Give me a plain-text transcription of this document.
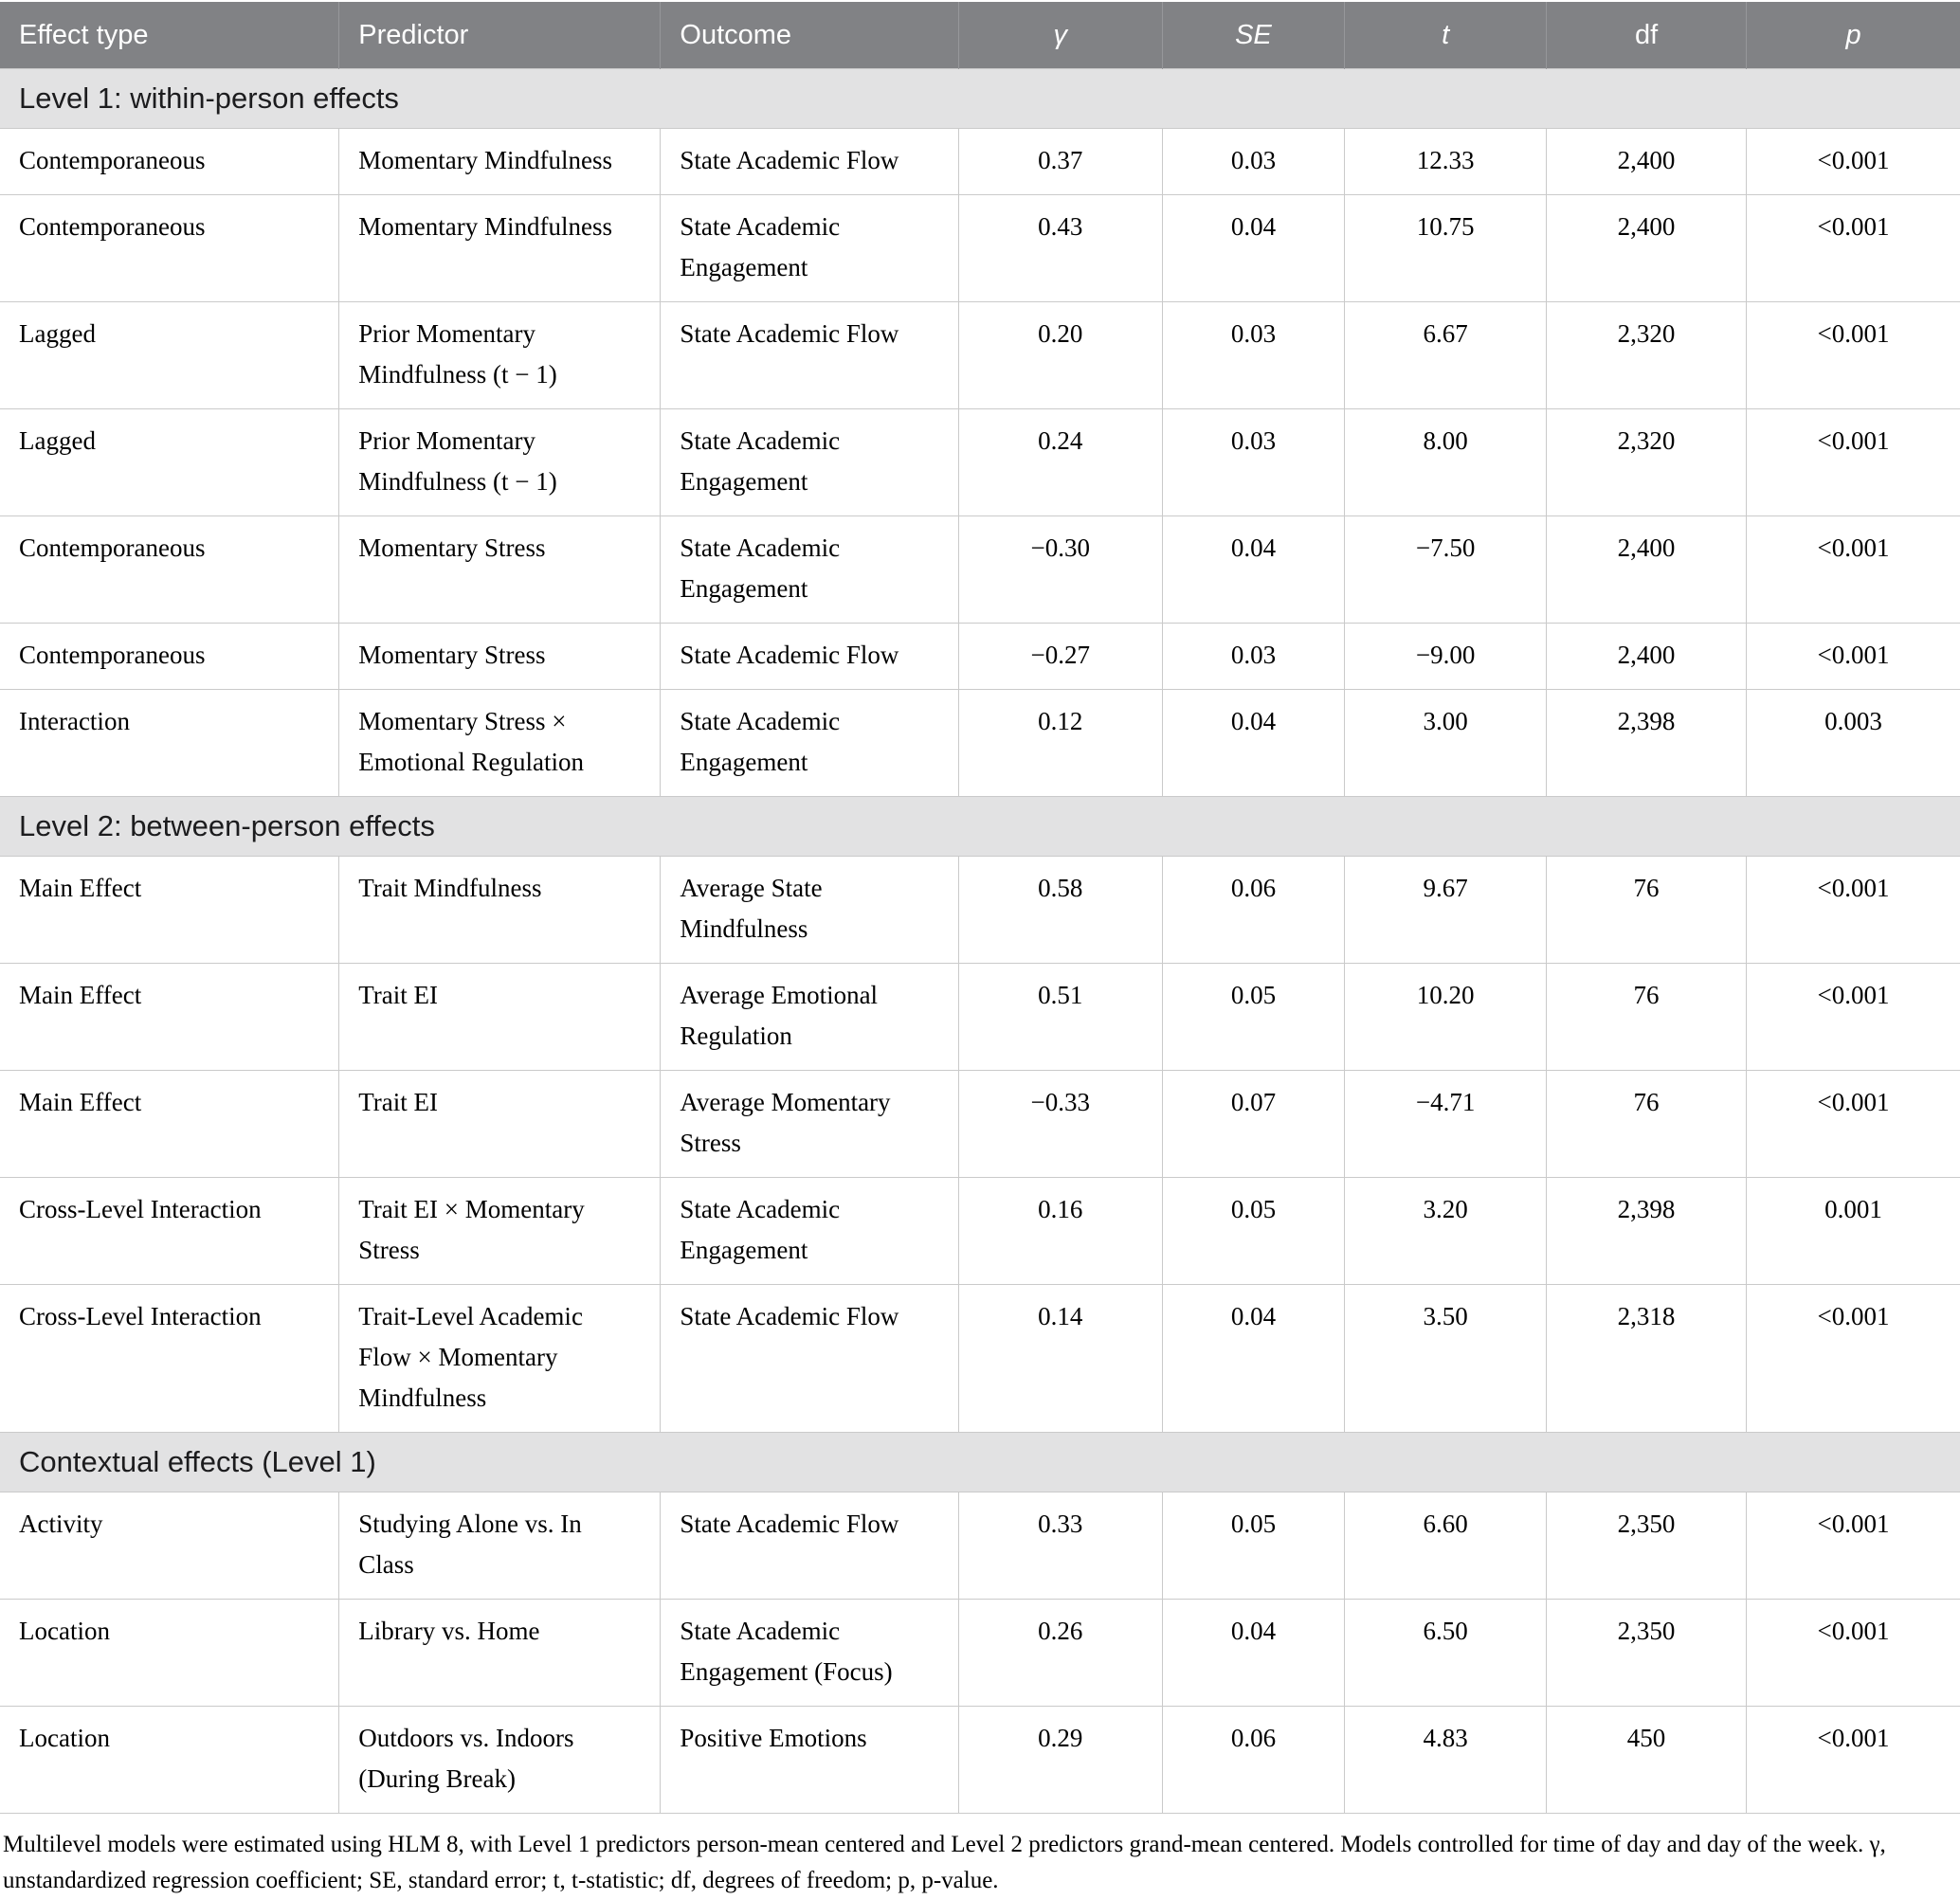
Effect type	Predictor	Outcome	γ	SE	t	df	p
Level 1: within-person effects							
Contemporaneous	Momentary Mindfulness	State Academic Flow	0.37	0.03	12.33	2,400	<0.001
Contemporaneous	Momentary Mindfulness	State Academic Engagement	0.43	0.04	10.75	2,400	<0.001
Lagged	Prior Momentary Mindfulness (t − 1)	State Academic Flow	0.20	0.03	6.67	2,320	<0.001
Lagged	Prior Momentary Mindfulness (t − 1)	State Academic Engagement	0.24	0.03	8.00	2,320	<0.001
Contemporaneous	Momentary Stress	State Academic Engagement	−0.30	0.04	−7.50	2,400	<0.001
Contemporaneous	Momentary Stress	State Academic Flow	−0.27	0.03	−9.00	2,400	<0.001
Interaction	Momentary Stress × Emotional Regulation	State Academic Engagement	0.12	0.04	3.00	2,398	0.003
Level 2: between-person effects							
Main Effect	Trait Mindfulness	Average State Mindfulness	0.58	0.06	9.67	76	<0.001
Main Effect	Trait EI	Average Emotional Regulation	0.51	0.05	10.20	76	<0.001
Main Effect	Trait EI	Average Momentary Stress	−0.33	0.07	−4.71	76	<0.001
Cross-Level Interaction	Trait EI × Momentary Stress	State Academic Engagement	0.16	0.05	3.20	2,398	0.001
Cross-Level Interaction	Trait-Level Academic Flow × Momentary Mindfulness	State Academic Flow	0.14	0.04	3.50	2,318	<0.001
Contextual effects (Level 1)							
Activity	Studying Alone vs. In Class	State Academic Flow	0.33	0.05	6.60	2,350	<0.001
Location	Library vs. Home	State Academic Engagement (Focus)	0.26	0.04	6.50	2,350	<0.001
Location	Outdoors vs. Indoors (During Break)	Positive Emotions	0.29	0.06	4.83	450	<0.001

Multilevel models were estimated using HLM 8, with Level 1 predictors person-mean centered and Level 2 predictors grand-mean centered. Models controlled for time of day and day of the week. γ, unstandardized regression coefficient; SE, standard error; t, t-statistic; df, degrees of freedom; p, p-value.
